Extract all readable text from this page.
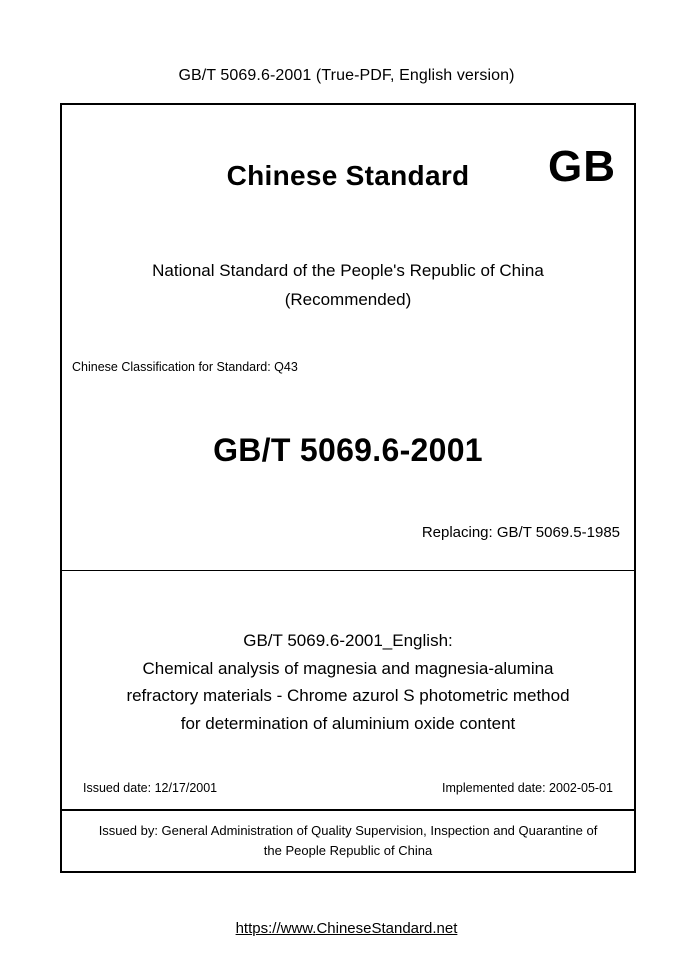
GB/T 5069.6-2001 (True-PDF, English version)
GB
Chinese Standard
National Standard of the People's Republic of China
(Recommended)
Chinese Classification for Standard: Q43
GB/T 5069.6-2001
Replacing: GB/T 5069.5-1985
GB/T 5069.6-2001_English:
Chemical analysis of magnesia and magnesia-alumina
refractory materials - Chrome azurol S photometric method
for determination of aluminium oxide content
Issued date: 12/17/2001	Implemented date: 2002-05-01
Issued by: General Administration of Quality Supervision, Inspection and Quarantine of
the People Republic of China
https://www.ChineseStandard.net
